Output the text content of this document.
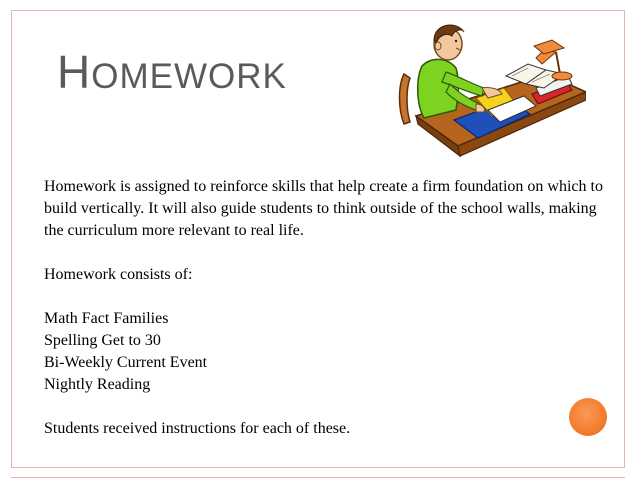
HOMEWORK

Homework is assigned to reinforce skills that help create a firm foundation on which to build vertically. It will also guide students to think outside of the school walls, making the curriculum more relevant to real life.

Homework consists of:

Math Fact Families
Spelling Get to 30
Bi-Weekly Current Event
Nightly Reading

Students received instructions for each of these.
